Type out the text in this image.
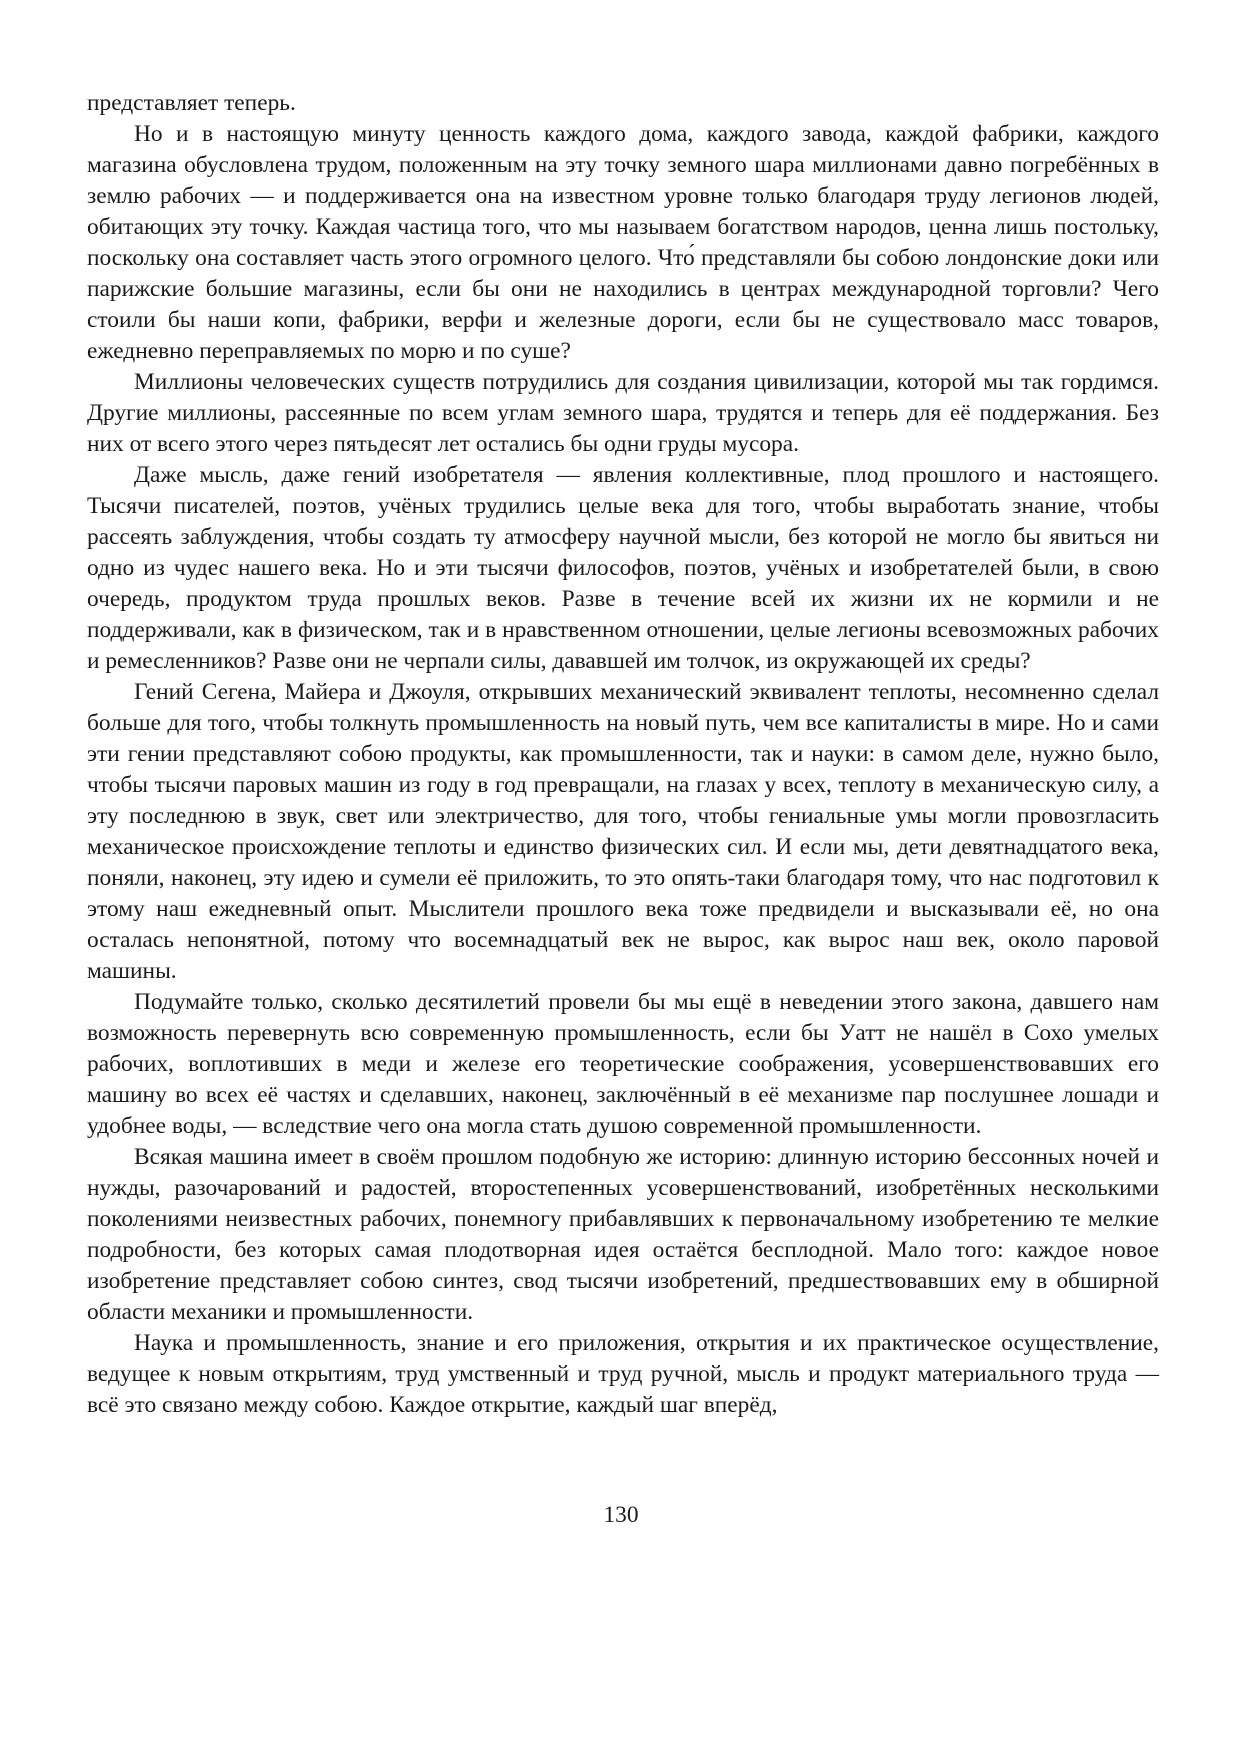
представляет теперь.

Но и в настоящую минуту ценность каждого дома, каждого завода, каждой фабрики, каждого магазина обусловлена трудом, положенным на эту точку земного шара миллионами давно погребённых в землю рабочих — и поддерживается она на известном уровне только благодаря труду легионов людей, обитающих эту точку. Каждая частица того, что мы называем богатством народов, ценна лишь постольку, поскольку она составляет часть этого огромного целого. Что́ представляли бы собою лондонские доки или парижские большие магазины, если бы они не находились в центрах международной торговли? Чего стоили бы наши копи, фабрики, верфи и железные дороги, если бы не существовало масс товаров, ежедневно переправляемых по морю и по суше?

Миллионы человеческих существ потрудились для создания цивилизации, которой мы так гордимся. Другие миллионы, рассеянные по всем углам земного шара, трудятся и теперь для её поддержания. Без них от всего этого через пятьдесят лет остались бы одни груды мусора.

Даже мысль, даже гений изобретателя — явления коллективные, плод прошлого и настоящего. Тысячи писателей, поэтов, учёных трудились целые века для того, чтобы выработать знание, чтобы рассеять заблуждения, чтобы создать ту атмосферу научной мысли, без которой не могло бы явиться ни одно из чудес нашего века. Но и эти тысячи философов, поэтов, учёных и изобретателей были, в свою очередь, продуктом труда прошлых веков. Разве в течение всей их жизни их не кормили и не поддерживали, как в физическом, так и в нравственном отношении, целые легионы всевозможных рабочих и ремесленников? Разве они не черпали силы, дававшей им толчок, из окружающей их среды?

Гений Сегена, Майера и Джоуля, открывших механический эквивалент теплоты, несомненно сделал больше для того, чтобы толкнуть промышленность на новый путь, чем все капиталисты в мире. Но и сами эти гении представляют собою продукты, как промышленности, так и науки: в самом деле, нужно было, чтобы тысячи паровых машин из году в год превращали, на глазах у всех, теплоту в механическую силу, а эту последнюю в звук, свет или электричество, для того, чтобы гениальные умы могли провозгласить механическое происхождение теплоты и единство физических сил. И если мы, дети девятнадцатого века, поняли, наконец, эту идею и сумели её приложить, то это опять-таки благодаря тому, что нас подготовил к этому наш ежедневный опыт. Мыслители прошлого века тоже предвидели и высказывали её, но она осталась непонятной, потому что восемнадцатый век не вырос, как вырос наш век, около паровой машины.

Подумайте только, сколько десятилетий провели бы мы ещё в неведении этого закона, давшего нам возможность перевернуть всю современную промышленность, если бы Уатт не нашёл в Сохо умелых рабочих, воплотивших в меди и железе его теоретические соображения, усовершенствовавших его машину во всех её частях и сделавших, наконец, заключённый в её механизме пар послушнее лошади и удобнее воды, — вследствие чего она могла стать душою современной промышленности.

Всякая машина имеет в своём прошлом подобную же историю: длинную историю бессонных ночей и нужды, разочарований и радостей, второстепенных усовершенствований, изобретённых несколькими поколениями неизвестных рабочих, понемногу прибавлявших к первоначальному изобретению те мелкие подробности, без которых самая плодотворная идея остаётся бесплодной. Мало того: каждое новое изобретение представляет собою синтез, свод тысячи изобретений, предшествовавших ему в обширной области механики и промышленности.

Наука и промышленность, знание и его приложения, открытия и их практическое осуществление, ведущее к новым открытиям, труд умственный и труд ручной, мысль и продукт материального труда — всё это связано между собою. Каждое открытие, каждый шаг вперёд,

130
